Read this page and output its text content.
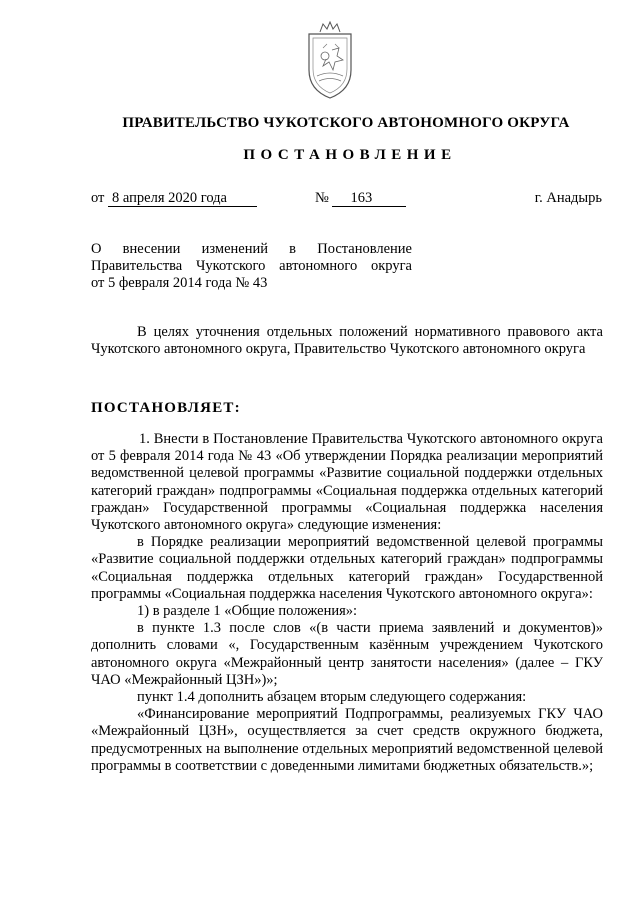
ПРАВИТЕЛЬСТВО ЧУКОТСКОГО АВТОНОМНОГО ОКРУГА
ПОСТАНОВЛЕНИЕ
от 8 апреля 2020 года	№ 163	г. Анадырь
О внесении изменений в Постановление
Правительства Чукотского автономного округа
от 5 февраля 2014 года № 43

В целях уточнения отдельных положений нормативного правового акта Чукотского автономного округа, Правительство Чукотского автономного округа

ПОСТАНОВЛЯЕТ:

1. Внести в Постановление Правительства Чукотского автономного округа от 5 февраля 2014 года № 43 «Об утверждении Порядка реализации мероприятий ведомственной целевой программы «Развитие социальной поддержки отдельных категорий граждан» подпрограммы «Социальная поддержка отдельных категорий граждан» Государственной программы «Социальная поддержка населения Чукотского автономного округа» следующие изменения:

в Порядке реализации мероприятий ведомственной целевой программы «Развитие социальной поддержки отдельных категорий граждан» подпрограммы «Социальная поддержка отдельных категорий граждан» Государственной программы «Социальная поддержка населения Чукотского автономного округа»:

1) в разделе 1 «Общие положения»:

в пункте 1.3 после слов «(в части приема заявлений и документов)» дополнить словами «, Государственным казённым учреждением Чукотского автономного округа «Межрайонный центр занятости населения» (далее – ГКУ ЧАО «Межрайонный ЦЗН»)»;

пункт 1.4 дополнить абзацем вторым следующего содержания:

«Финансирование мероприятий Подпрограммы, реализуемых ГКУ ЧАО «Межрайонный ЦЗН», осуществляется за счет средств окружного бюджета, предусмотренных на выполнение отдельных мероприятий ведомственной целевой программы в соответствии с доведенными лимитами бюджетных обязательств.»;
